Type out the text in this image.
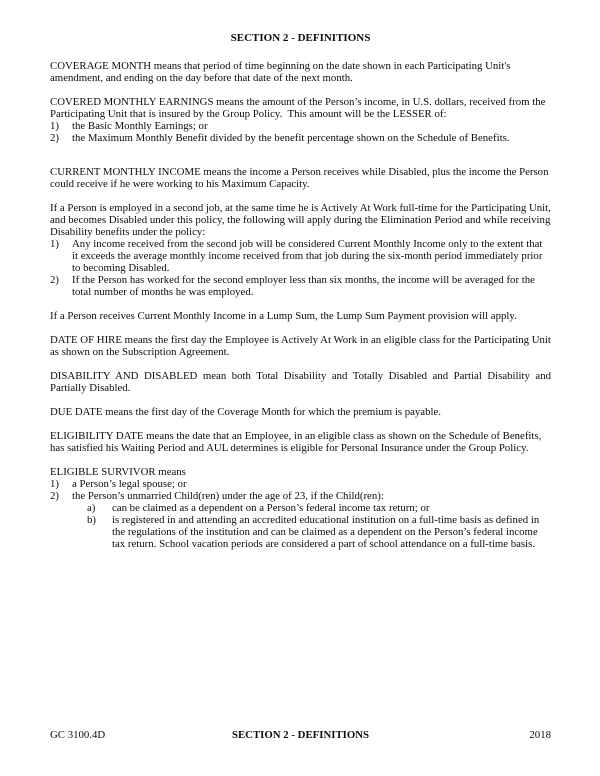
SECTION 2 - DEFINITIONS

COVERAGE MONTH means that period of time beginning on the date shown in each Participating Unit's amendment, and ending on the day before that date of the next month.

COVERED MONTHLY EARNINGS means the amount of the Person’s income, in U.S. dollars, received from the Participating Unit that is insured by the Group Policy.  This amount will be the LESSER of:

1)	the Basic Monthly Earnings; or
2)	the Maximum Monthly Benefit divided by the benefit percentage shown on the Schedule of Benefits.

CURRENT MONTHLY INCOME means the income a Person receives while Disabled, plus the income the Person could receive if he were working to his Maximum Capacity.

If a Person is employed in a second job, at the same time he is Actively At Work full-time for the Participating Unit, and becomes Disabled under this policy, the following will apply during the Elimination Period and while receiving Disability benefits under the policy:

1)	Any income received from the second job will be considered Current Monthly Income only to the extent that it exceeds the average monthly income received from that job during the six-month period immediately prior to becoming Disabled.
2)	If the Person has worked for the second employer less than six months, the income will be averaged for the total number of months he was employed.

If a Person receives Current Monthly Income in a Lump Sum, the Lump Sum Payment provision will apply.

DATE OF HIRE means the first day the Employee is Actively At Work in an eligible class for the Participating Unit as shown on the Subscription Agreement.

DISABILITY AND DISABLED mean both Total Disability and Totally Disabled and Partial Disability and Partially Disabled.

DUE DATE means the first day of the Coverage Month for which the premium is payable.

ELIGIBILITY DATE means the date that an Employee, in an eligible class as shown on the Schedule of Benefits, has satisfied his Waiting Period and AUL determines is eligible for Personal Insurance under the Group Policy.

ELIGIBLE SURVIVOR means

1)	a Person’s legal spouse; or
2)	the Person’s unmarried Child(ren) under the age of 23, if the Child(ren):
a)	can be claimed as a dependent on a Person’s federal income tax return; or
b)	is registered in and attending an accredited educational institution on a full-time basis as defined in the regulations of the institution and can be claimed as a dependent on the Person’s federal income tax return. School vacation periods are considered a part of school attendance on a full-time basis.
GC 3100.4D	SECTION 2 - DEFINITIONS	2018
